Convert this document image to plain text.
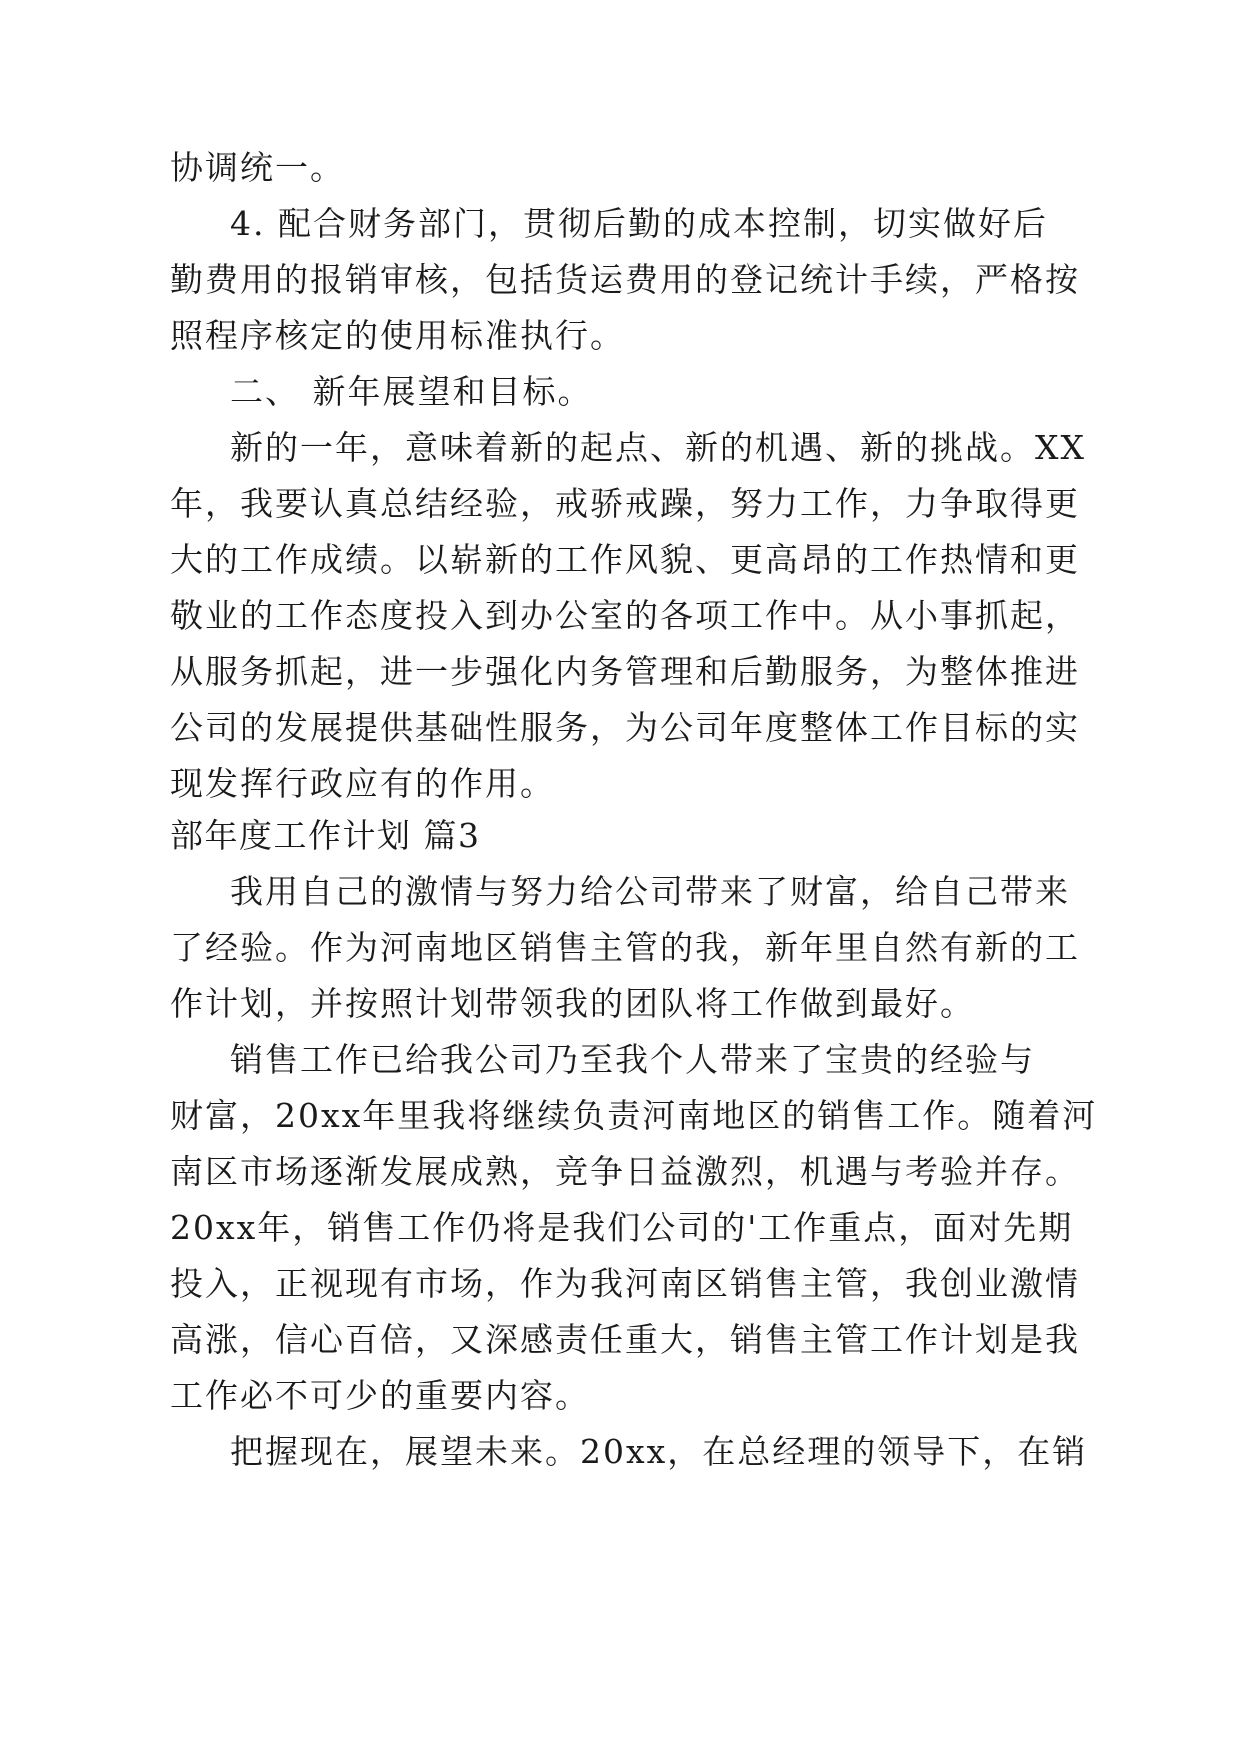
协调统一。
4. 配合财务部门，贯彻后勤的成本控制，切实做好后
勤费用的报销审核，包括货运费用的登记统计手续，严格按
照程序核定的使用标准执行。
二、 新年展望和目标。
新的一年，意味着新的起点、新的机遇、新的挑战。XX
年，我要认真总结经验，戒骄戒躁，努力工作，力争取得更
大的工作成绩。以崭新的工作风貌、更高昂的工作热情和更
敬业的工作态度投入到办公室的各项工作中。从小事抓起，
从服务抓起，进一步强化内务管理和后勤服务，为整体推进
公司的发展提供基础性服务，为公司年度整体工作目标的实
现发挥行政应有的作用。
部年度工作计划 篇3
我用自己的激情与努力给公司带来了财富，给自己带来
了经验。作为河南地区销售主管的我，新年里自然有新的工
作计划，并按照计划带领我的团队将工作做到最好。
销售工作已给我公司乃至我个人带来了宝贵的经验与
财富，20xx年里我将继续负责河南地区的销售工作。随着河
南区市场逐渐发展成熟，竞争日益激烈，机遇与考验并存。
20xx年，销售工作仍将是我们公司的'工作重点，面对先期
投入，正视现有市场，作为我河南区销售主管，我创业激情
高涨，信心百倍，又深感责任重大，销售主管工作计划是我
工作必不可少的重要内容。
把握现在，展望未来。20xx，在总经理的领导下，在销
